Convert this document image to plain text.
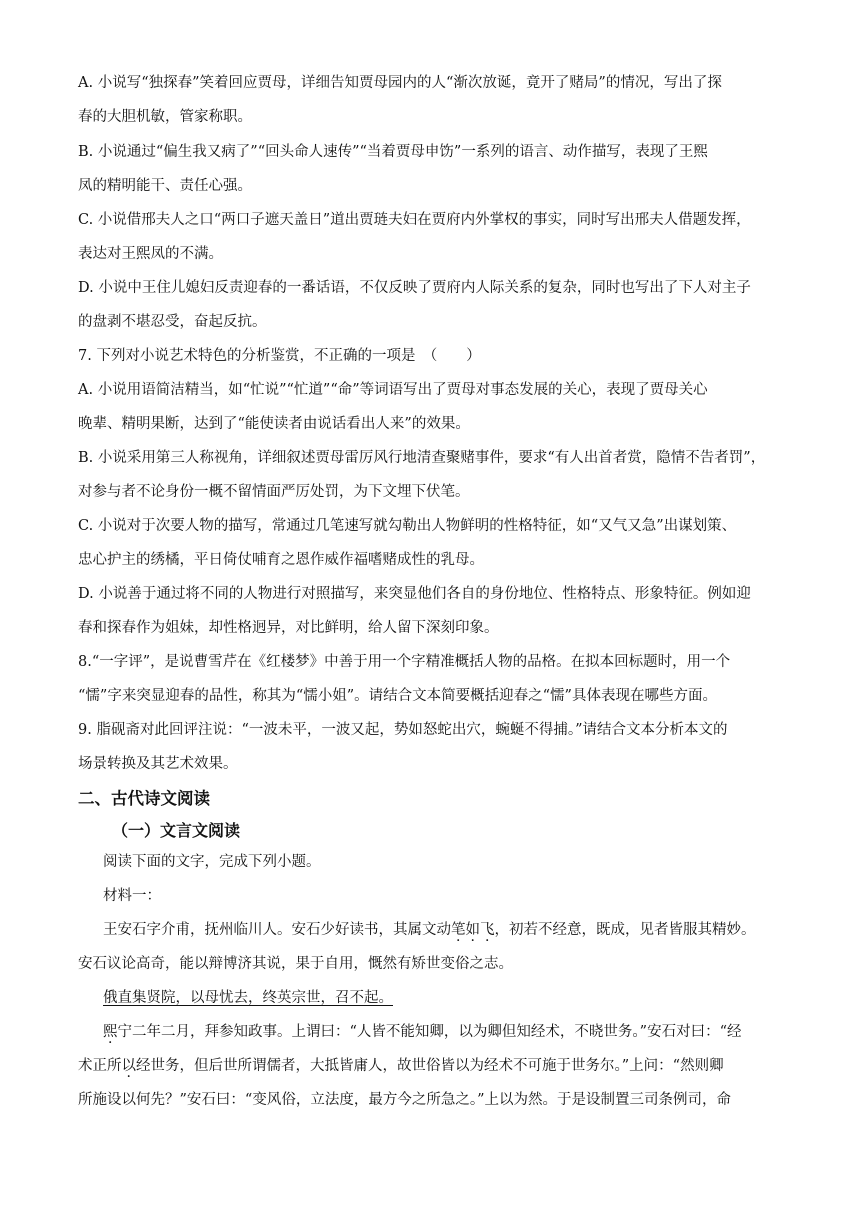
A. 小说写“独探春”笑着回应贾母，详细告知贾母园内的人“渐次放诞，竟开了赌局”的情况，写出了探
春的大胆机敏，管家称职。
B. 小说通过“偏生我又病了”“回头命人速传”“当着贾母申饬”一系列的语言、动作描写，表现了王熙
凤的精明能干、责任心强。
C. 小说借邢夫人之口“两口子遮天盖日”道出贾琏夫妇在贾府内外掌权的事实，同时写出邢夫人借题发挥，
表达对王熙凤的不满。
D. 小说中王住儿媳妇反责迎春的一番话语，不仅反映了贾府内人际关系的复杂，同时也写出了下人对主子
的盘剥不堪忍受，奋起反抗。
7. 下列对小说艺术特色的分析鉴赏，不正确的一项是　（　　）
A. 小说用语简洁精当，如“忙说”“忙道”“命”等词语写出了贾母对事态发展的关心，表现了贾母关心
晚辈、精明果断，达到了“能使读者由说话看出人来”的效果。
B. 小说采用第三人称视角，详细叙述贾母雷厉风行地清查聚赌事件，要求“有人出首者赏，隐情不告者罚”，
对参与者不论身份一概不留情面严厉处罚，为下文埋下伏笔。
C. 小说对于次要人物的描写，常通过几笔速写就勾勒出人物鲜明的性格特征，如“又气又急”出谋划策、
忠心护主的绣橘，平日倚仗哺育之恩作威作福嗜赌成性的乳母。
D. 小说善于通过将不同的人物进行对照描写，来突显他们各自的身份地位、性格特点、形象特征。例如迎
春和探春作为姐妹，却性格迥异，对比鲜明，给人留下深刻印象。
8.“一字评”，是说曹雪芹在《红楼梦》中善于用一个字精准概括人物的品格。在拟本回标题时，用一个
“懦”字来突显迎春的品性，称其为“懦小姐”。请结合文本简要概括迎春之“懦”具体表现在哪些方面。
9. 脂砚斋对此回评注说：“一波未平，一波又起，势如怒蛇出穴，蜿蜒不得捕。”请结合文本分析本文的
场景转换及其艺术效果。
二、古代诗文阅读
（一）文言文阅读
阅读下面的文字，完成下列小题。
材料一：
王安石字介甫，抚州临川人。安石少好读书，其属文动笔如飞，初若不经意，既成，见者皆服其精妙。
安石议论高奇，能以辩博济其说，果于自用，慨然有矫世变俗之志。
俄直集贤院，以母忧去，终英宗世，召不起。
熙宁二年二月，拜参知政事。上谓曰：“人皆不能知卿，以为卿但知经术，不晓世务。”安石对曰：“经
术正所以经世务，但后世所谓儒者，大抵皆庸人，故世俗皆以为经术不可施于世务尔。”上问：“然则卿
所施设以何先？”安石曰：“变风俗，立法度，最方今之所急之。”上以为然。于是设制置三司条例司，命
